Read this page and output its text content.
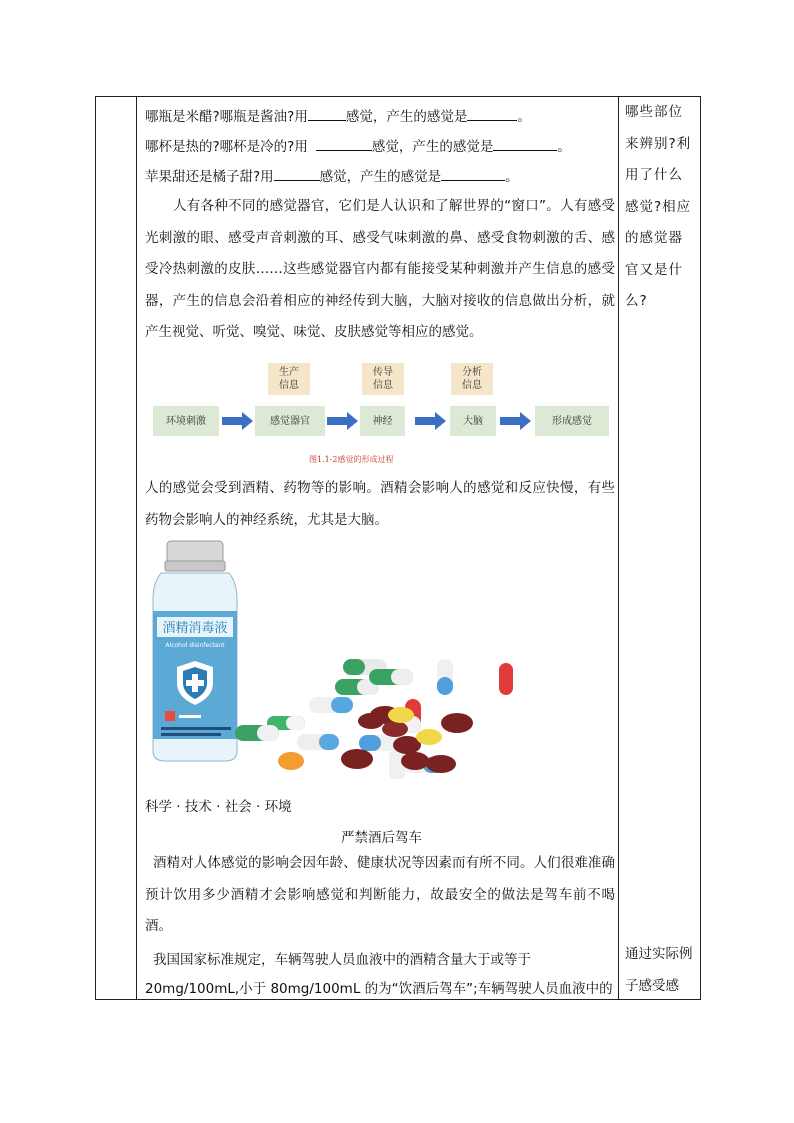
哪瓶是米醋?哪瓶是酱油?用	感觉，产生的感觉是	。
哪杯是热的?哪杯是冷的?用	感觉，产生的感觉是	。
苹果甜还是橘子甜?用	感觉，产生的感觉是	。
人有各种不同的感觉器官，它们是人认识和了解世界的“窗口”。人有感受光刺激的眼、感受声音刺激的耳、感受气味刺激的鼻、感受食物刺激的舌、感受冷热刺激的皮肤……这些感觉器官内都有能接受某种刺激并产生信息的感受器，产生的信息会沿着相应的神经传到大脑，大脑对接收的信息做出分析，就产生视觉、听觉、嗅觉、味觉、皮肤感觉等相应的感觉。
生产
信息
传导
信息
分析
信息
环境刺激	感觉器官	神经	大脑	形成感觉
图1.1-2感觉的形成过程
人的感觉会受到酒精、药物等的影响。酒精会影响人的感觉和反应快慢，有些药物会影响人的神经系统，尤其是大脑。
酒精消毒液
Alcohol disinfectant
科学 · 技术 · 社会 · 环境
严禁酒后驾车
酒精对人体感觉的影响会因年龄、健康状况等因素而有所不同。人们很难准确预计饮用多少酒精才会影响感觉和判断能力，故最安全的做法是驾车前不喝酒。
我国国家标准规定，车辆驾驶人员血液中的酒精含量大于或等于
20mg/100mL,小于 80mg/100mL 的为“饮酒后驾车”;车辆驾驶人员血液中的
哪些部位来辨别?利用了什么感觉?相应的感觉器官又是什么?
通过实际例子感受感
